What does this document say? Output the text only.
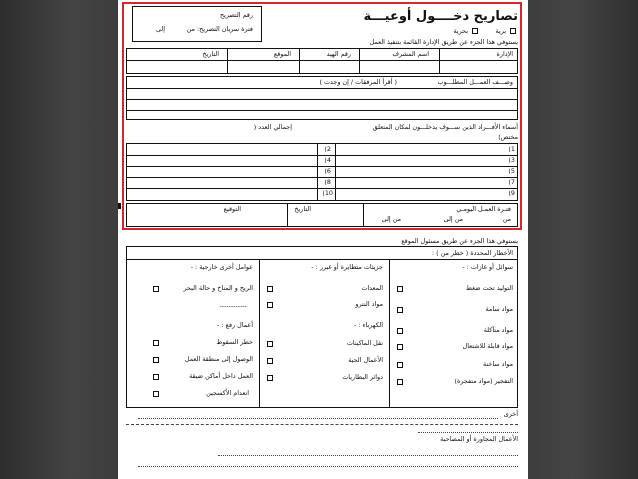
رقم التصريح
فترة سريان التصريح: من
إلى
تصاريح دخــــول أوعيـــة
برية
بحرية
يستوفي هذا الجزء عن طريق الإدارة القائمة بتنفيذ العمل
الإدارة
اسم المشرف
رقم الهيد
الموقع
التاريخ
وصـــف العمـــل المطلـــوب
( أقرأ المرفقات / إن وجدت )
أسماء الأفـــراد الذين ســـوف يدخلـــون لمكان المتعلق
إجمالي العدد (
مختص)
1)
3)
5)
7)
9)
2)
4)
6)
8)
10)
فتـرة العمـل اليومـي
من
من إلى
من إلى
التاريخ
التوقيع
يستوفي هذا الجزء عن طريق مسئول الموقع
الأخطار المحددة ( خطر من ) :
سوائل أو غازات : -
التوليد تحت ضغط
مواد سامة
مواد متآكلة
مواد قابلة للاشتعال
مواد ساخنة
التفجير (مواد متفجرة)
جزيئات متطايرة أو غبرر : -
المعدات
مواد النترو
الكهرباء : -
نقل الماكينات
الأعمال الحية
دوائر البطاريات
عوامل أخرى خارجية : -
الريح و المناخ و حالة البحر
------------
أعمال رفع : -
خطر السقوط
الوصول إلى منطقة العمل
العمل داخل أماكن ضيقة
انعدام الأكسجين
أخرى
الأعمال المجاورة أو المصاحبة
